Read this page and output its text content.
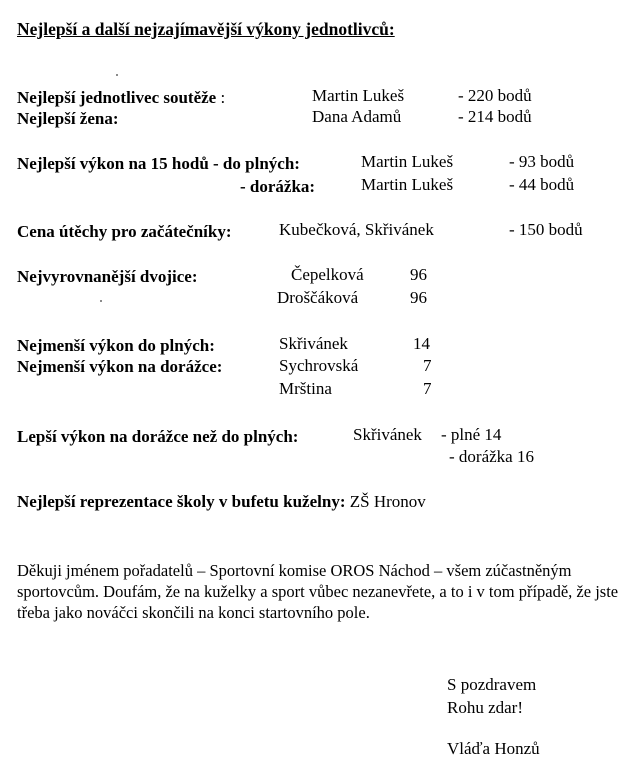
Nejlepší a další nejzajímavější výkony jednotlivců:
Nejlepší jednotlivec soutěže :	Martin Lukeš	- 220 bodů
Nejlepší žena:	Dana Adamů	- 214 bodů
Nejlepší výkon na 15 hodů - do plných:	Martin Lukeš	- 93 bodů
- dorážka:	Martin Lukeš	- 44 bodů
Cena útěchy pro začátečníky:	Kubečková, Skřivánek	- 150 bodů
Nejvyrovnanější dvojice:	Čepelková	96
Droščáková	96
Nejmenší výkon do plných:	Skřivánek	14
Nejmenší výkon na dorážce:	Sychrovská	7
Mrština	7
Lepší výkon na dorážce než do plných:	Skřivánek - plné 14
- dorážka 16
Nejlepší reprezentace školy v bufetu kuželny: ZŠ Hronov
Děkuji jménem pořadatelů – Sportovní komise OROS Náchod – všem zúčastněným sportovcům. Doufám, že na kuželky a sport vůbec nezanevřete, a to i v tom případě, že jste třeba jako nováčci skončili na konci startovního pole.
S pozdravem
Rohu zdar!
Vláďa Honzů
